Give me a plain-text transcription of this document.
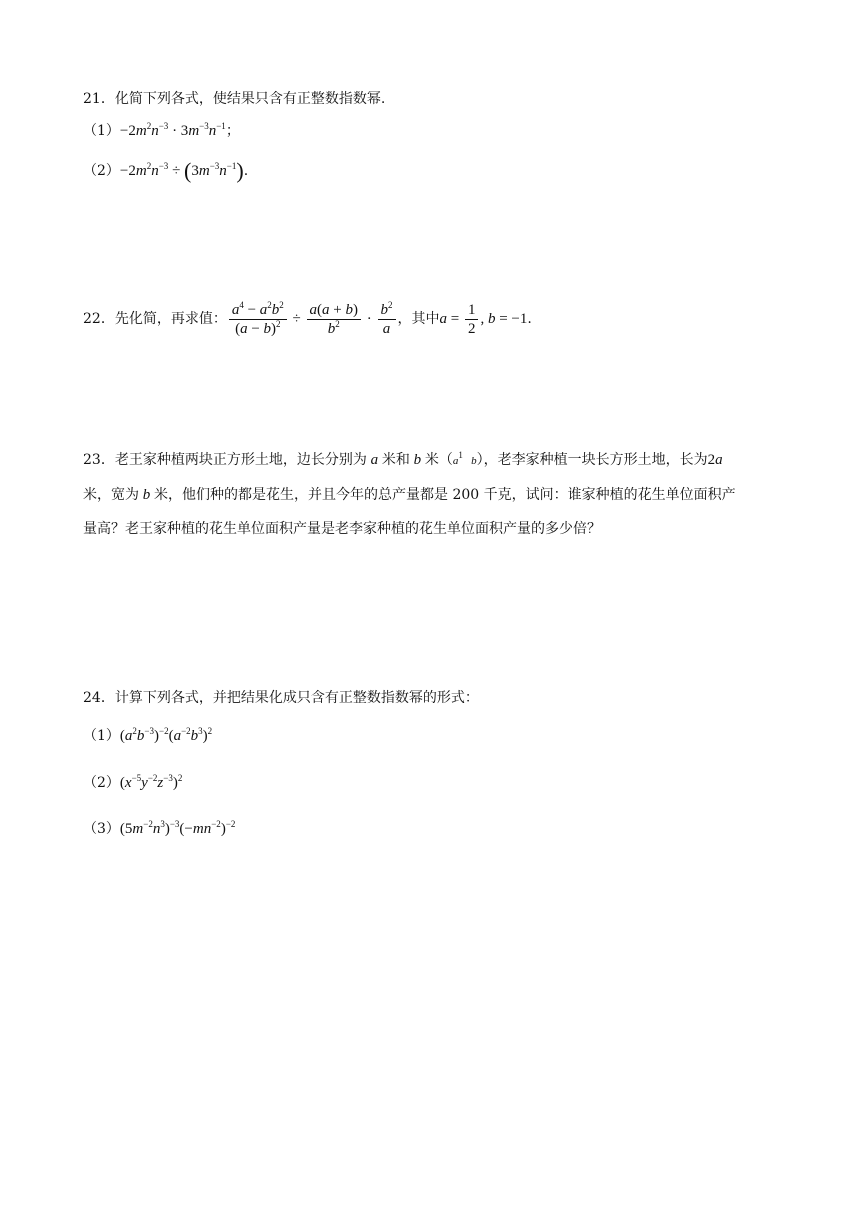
21．化简下列各式，使结果只含有正整数指数幂.
$(1)-2m^2n^{-3} \cdot 3m^{-3}n^{-1}$；
$(2)-2m^2n^{-3} \div (3m^{-3}n^{-1})$.
22．先化简，再求值： $\frac{a^4 - a^2b^2}{(a - b)^2} \div \frac{a(a + b)}{b^2} \cdot \frac{b^2}{a}$ ，其中$a = \frac{1}{2}$ , b = −1.
23．老王家种植两块正方形土地，边长分别为 a 米和 b 米（$a^1$ b），老李家种植一块长方形土地，长为2a
米，宽为 b 米，他们种的都是花生，并且今年的总产量都是 200 千克，试问：谁家种植的花生单位面积产
量高？老王家种植的花生单位面积产量是老李家种植的花生单位面积产量的多少倍？
24．计算下列各式，并把结果化成只含有正整数指数幂的形式：
$(1)(a^2b^{-3})^{-2}(a^{-2}b^3)^2$
$(2)(x^{-5}y^{-2}z^{-3})^2$
$(3)(5m^{-2}n^3)^{-3}(-mn^{-2})^{-2}$
